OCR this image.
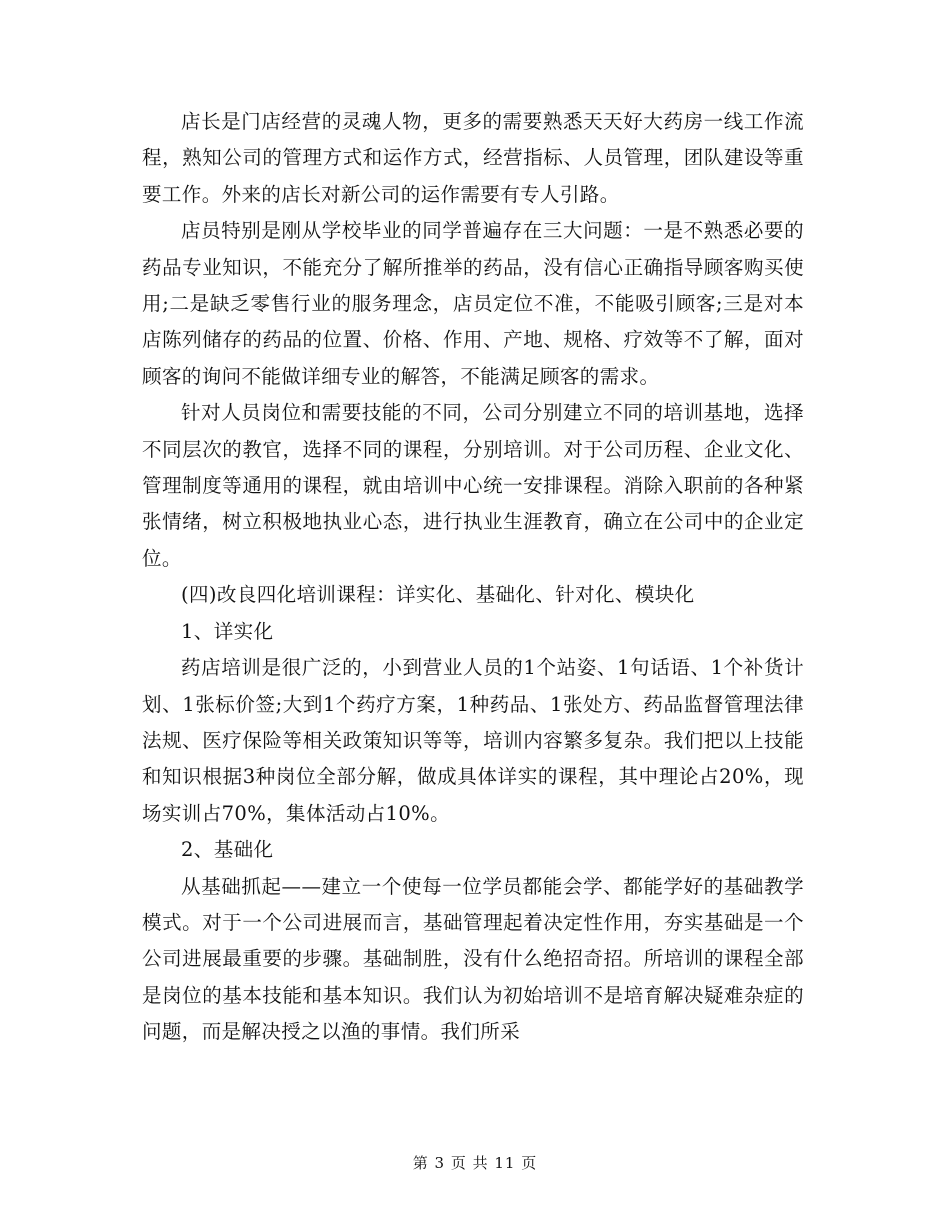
店长是门店经营的灵魂人物，更多的需要熟悉天天好大药房一线工作流程，熟知公司的管理方式和运作方式，经营指标、人员管理，团队建设等重要工作。外来的店长对新公司的运作需要有专人引路。

店员特别是刚从学校毕业的同学普遍存在三大问题：一是不熟悉必要的药品专业知识，不能充分了解所推举的药品，没有信心正确指导顾客购买使用;二是缺乏零售行业的服务理念，店员定位不准，不能吸引顾客;三是对本店陈列储存的药品的位置、价格、作用、产地、规格、疗效等不了解，面对顾客的询问不能做详细专业的解答，不能满足顾客的需求。

针对人员岗位和需要技能的不同，公司分别建立不同的培训基地，选择不同层次的教官，选择不同的课程，分别培训。对于公司历程、企业文化、管理制度等通用的课程，就由培训中心统一安排课程。消除入职前的各种紧张情绪，树立积极地执业心态，进行执业生涯教育，确立在公司中的企业定位。

(四)改良四化培训课程：详实化、基础化、针对化、模块化

1、详实化

药店培训是很广泛的，小到营业人员的1个站姿、1句话语、1个补货计划、1张标价签;大到1个药疗方案，1种药品、1张处方、药品监督管理法律法规、医疗保险等相关政策知识等等，培训内容繁多复杂。我们把以上技能和知识根据3种岗位全部分解，做成具体详实的课程，其中理论占20%，现场实训占70%，集体活动占10%。

2、基础化

从基础抓起——建立一个使每一位学员都能会学、都能学好的基础教学模式。对于一个公司进展而言，基础管理起着决定性作用，夯实基础是一个公司进展最重要的步骤。基础制胜，没有什么绝招奇招。所培训的课程全部是岗位的基本技能和基本知识。我们认为初始培训不是培育解决疑难杂症的问题，而是解决授之以渔的事情。我们所采

第 3 页 共 11 页
